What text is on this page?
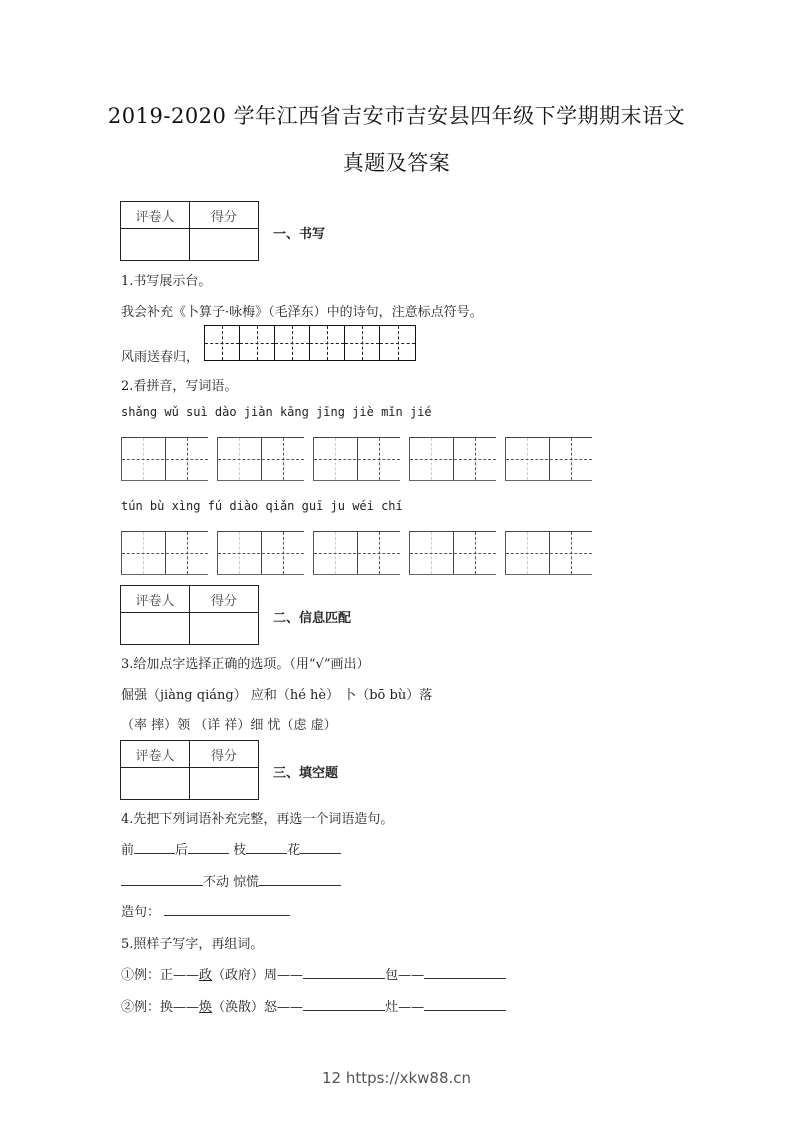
2019-2020 学年江西省吉安市吉安县四年级下学期期末语文
真题及答案
评卷人	得分

一、书写
1.书写展示台。
我会补充《卜算子·咏梅》（毛泽东）中的诗句，注意标点符号。
风雨送春归，
2.看拼音，写词语。
shǎng wǔ suì dào jiàn kāng jīng jiè mǐn jié
tún bù xìng fú diào qiǎn guī ju wéi chí
评卷人	得分

二、信息匹配
3.给加点字选择正确的选项。（用“√”画出）
倔强（jiàng qiáng） 应和（hé hè） 卜（bō bù）落
（率 摔）领 （详 祥）细 忧（虑 虚）
评卷人	得分

三、填空题
4.先把下列词语补充完整，再选一个词语造句。
前	后	枝	花
不动 惊慌
造句：
5.照样子写字，再组词。
①例：正——政（政府）周——	包——
②例：换——焕（涣散）怒——	灶——
12 https://xkw88.cn
